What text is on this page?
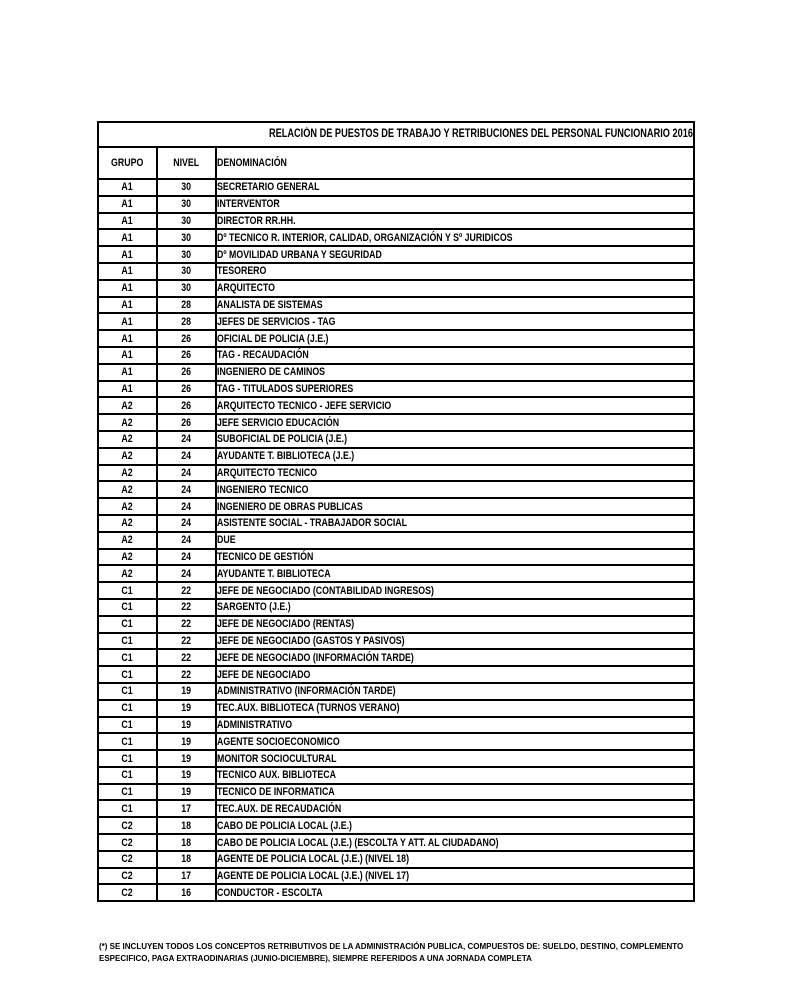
RELACIÓN DE PUESTOS DE TRABAJO Y RETRIBUCIONES DEL PERSONAL FUNCIONARIO 2016		
GRUPO	NIVEL	DENOMINACIÓN
A1	30	SECRETARIO GENERAL
A1	30	INTERVENTOR
A1	30	DIRECTOR RR.HH.
A1	30	Dº TECNICO R. INTERIOR, CALIDAD, ORGANIZACIÓN Y Sº JURIDICOS
A1	30	Dº MOVILIDAD URBANA Y SEGURIDAD
A1	30	TESORERO
A1	30	ARQUITECTO
A1	28	ANALISTA DE SISTEMAS
A1	28	JEFES DE SERVICIOS - TAG
A1	26	OFICIAL DE POLICIA (J.E.)
A1	26	TAG - RECAUDACIÓN
A1	26	INGENIERO DE CAMINOS
A1	26	TAG - TITULADOS SUPERIORES
A2	26	ARQUITECTO TECNICO - JEFE SERVICIO
A2	26	JEFE SERVICIO EDUCACIÓN
A2	24	SUBOFICIAL DE POLICIA (J.E.)
A2	24	AYUDANTE T. BIBLIOTECA (J.E.)
A2	24	ARQUITECTO TECNICO
A2	24	INGENIERO TECNICO
A2	24	INGENIERO DE OBRAS PUBLICAS
A2	24	ASISTENTE SOCIAL - TRABAJADOR SOCIAL
A2	24	DUE
A2	24	TECNICO DE GESTIÓN
A2	24	AYUDANTE T. BIBLIOTECA
C1	22	JEFE DE NEGOCIADO (CONTABILIDAD INGRESOS)
C1	22	SARGENTO (J.E.)
C1	22	JEFE DE NEGOCIADO (RENTAS)
C1	22	JEFE DE NEGOCIADO (GASTOS Y PASIVOS)
C1	22	JEFE DE NEGOCIADO (INFORMACIÓN TARDE)
C1	22	JEFE DE NEGOCIADO
C1	19	ADMINISTRATIVO (INFORMACIÓN TARDE)
C1	19	TEC.AUX. BIBLIOTECA (TURNOS VERANO)
C1	19	ADMINISTRATIVO
C1	19	AGENTE SOCIOECONOMICO
C1	19	MONITOR SOCIOCULTURAL
C1	19	TECNICO AUX. BIBLIOTECA
C1	19	TECNICO DE INFORMATICA
C1	17	TEC.AUX. DE RECAUDACIÓN
C2	18	CABO DE POLICIA LOCAL (J.E.)
C2	18	CABO DE POLICIA LOCAL (J.E.) (ESCOLTA Y ATT. AL CIUDADANO)
C2	18	AGENTE DE POLICIA LOCAL (J.E.) (NIVEL 18)
C2	17	AGENTE DE POLICIA LOCAL (J.E.) (NIVEL 17)
C2	16	CONDUCTOR - ESCOLTA
(*) SE INCLUYEN TODOS LOS CONCEPTOS RETRIBUTIVOS DE LA ADMINISTRACIÓN PUBLICA, COMPUESTOS DE: SUELDO, DESTINO, COMPLEMENTO
ESPECIFICO, PAGA EXTRAODINARIAS (JUNIO-DICIEMBRE), SIEMPRE REFERIDOS A UNA JORNADA COMPLETA
